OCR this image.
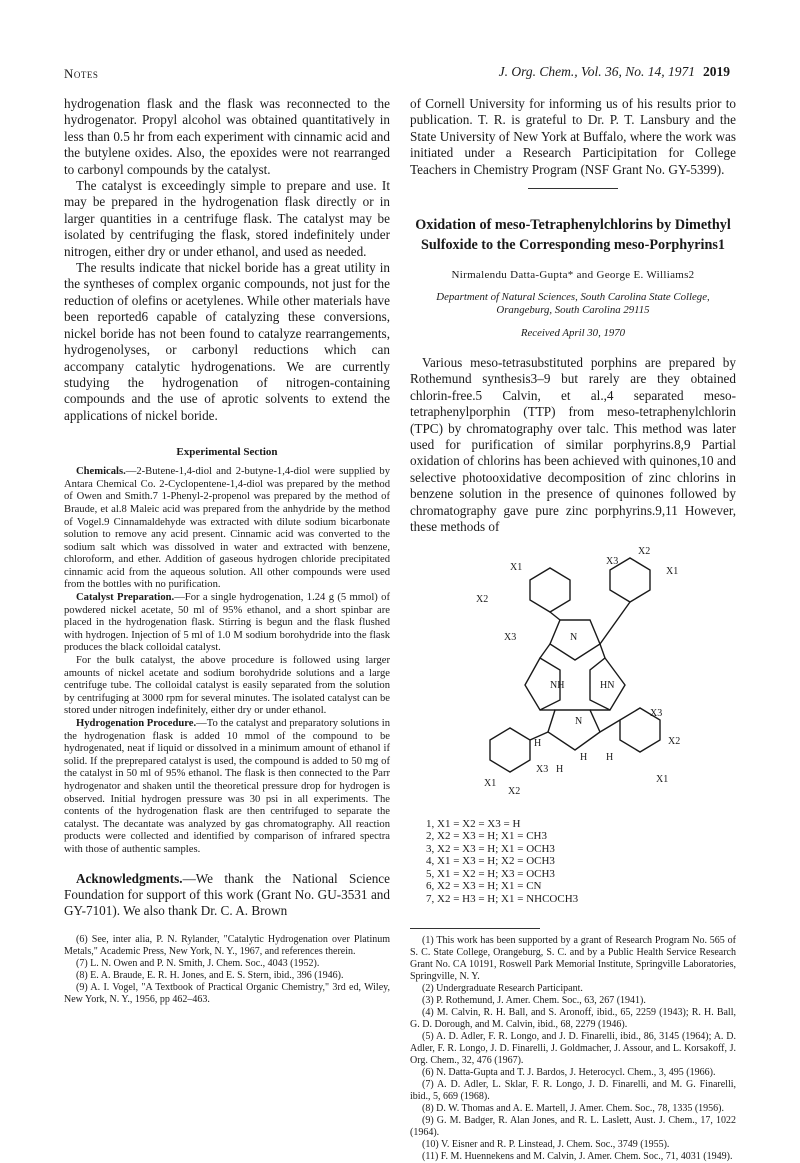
Notes	J. Org. Chem., Vol. 36, No. 14, 1971 2019

hydrogenation flask and the flask was reconnected to the hydrogenator. Propyl alcohol was obtained quantitatively in less than 0.5 hr from each experiment with cinnamic acid and the butylene oxides. Also, the epoxides were not rearranged to carbonyl compounds by the catalyst.

The catalyst is exceedingly simple to prepare and use. It may be prepared in the hydrogenation flask directly or in larger quantities in a centrifuge flask. The catalyst may be isolated by centrifuging the flask, stored indefinitely under nitrogen, either dry or under ethanol, and used as needed.

The results indicate that nickel boride has a great utility in the syntheses of complex organic compounds, not just for the reduction of olefins or acetylenes. While other materials have been reported6 capable of catalyzing these conversions, nickel boride has not been found to catalyze rearrangements, hydrogenolyses, or carbonyl reductions which can accompany catalytic hydrogenations. We are currently studying the hydrogenation of nitrogen-containing compounds and the use of aprotic solvents to extend the applications of nickel boride.

Experimental Section

Chemicals.—2-Butene-1,4-diol and 2-butyne-1,4-diol were supplied by Antara Chemical Co. 2-Cyclopentene-1,4-diol was prepared by the method of Owen and Smith.7 1-Phenyl-2-propenol was prepared by the method of Braude, et al.8 Maleic acid was prepared from the anhydride by the method of Vogel.9 Cinnamaldehyde was extracted with dilute sodium bicarbonate solution to remove any acid present. Cinnamic acid was converted to the sodium salt which was dissolved in water and extracted with benzene, chloroform, and ether. Addition of gaseous hydrogen chloride precipitated cinnamic acid from the aqueous solution. All other compounds were used from the bottles with no purification.

Catalyst Preparation.—For a single hydrogenation, 1.24 g (5 mmol) of powdered nickel acetate, 50 ml of 95% ethanol, and a short spinbar are placed in the hydrogenation flask. Stirring is begun and the flask flushed with hydrogen. Injection of 5 ml of 1.0 M sodium borohydride into the flask produces the black colloidal catalyst.

For the bulk catalyst, the above procedure is followed using larger amounts of nickel acetate and sodium borohydride solutions and a large centrifuge tube. The colloidal catalyst is easily separated from the solution by centrifuging at 3000 rpm for several minutes. The isolated catalyst can be stored under nitrogen indefinitely, either dry or under ethanol.

Hydrogenation Procedure.—To the catalyst and preparatory solutions in the hydrogenation flask is added 10 mmol of the compound to be hydrogenated, neat if liquid or dissolved in a minimum amount of ethanol if solid. If the preprepared catalyst is used, the compound is added to 50 mg of the catalyst in 50 ml of 95% ethanol. The flask is then connected to the Parr hydrogenator and shaken until the theoretical pressure drop for hydrogen is observed. Initial hydrogen pressure was 30 psi in all experiments. The contents of the hydrogenation flask are then centrifuged to separate the catalyst. The decantate was analyzed by gas chromatography. All reaction products were collected and identified by comparison of infrared spectra with those of authentic samples.

Acknowledgments.—We thank the National Science Foundation for support of this work (Grant No. GU-3531 and GY-7101). We also thank Dr. C. A. Brown

(6) See, inter alia, P. N. Rylander, "Catalytic Hydrogenation over Platinum Metals," Academic Press, New York, N. Y., 1967, and references therein.

(7) L. N. Owen and P. N. Smith, J. Chem. Soc., 4043 (1952).

(8) E. A. Braude, E. R. H. Jones, and E. S. Stern, ibid., 396 (1946).

(9) A. I. Vogel, "A Textbook of Practical Organic Chemistry," 3rd ed, Wiley, New York, N. Y., 1956, pp 462–463.

of Cornell University for informing us of his results prior to publication. T. R. is grateful to Dr. P. T. Lansbury and the State University of New York at Buffalo, where the work was initiated under a Research Participitation for College Teachers in Chemistry Program (NSF Grant No. GY-5399).

Oxidation of meso-Tetraphenylchlorins by Dimethyl Sulfoxide to the Corresponding meso-Porphyrins1
Nirmalendu Datta-Gupta* and George E. Williams2
Department of Natural Sciences, South Carolina State College,
Orangeburg, South Carolina 29115
Received April 30, 1970

Various meso-tetrasubstituted porphins are prepared by Rothemund synthesis3–9 but rarely are they obtained chlorin-free.5 Calvin, et al.,4 separated meso-tetraphenylporphin (TTP) from meso-tetraphenylchlorin (TPC) by chromatography over talc. This method was later used for purification of similar porphyrins.8,9 Partial oxidation of chlorins has been achieved with quinones,10 and selective photooxidative decomposition of zinc chlorins in benzene solution in the presence of quinones followed by chromatography gave pure zinc porphyrins.9,11 However, these methods of

X1
X2
X3
X1
X2
X3	N
NH	HN
N
X3
X2
H
X3 H
H H
X1
X2
X1
1, X1 = X2 = X3 = H
2, X2 = X3 = H; X1 = CH3
3, X2 = X3 = H; X1 = OCH3
4, X1 = X3 = H; X2 = OCH3
5, X1 = X2 = H; X3 = OCH3
6, X2 = X3 = H; X1 = CN
7, X2 = H3 = H; X1 = NHCOCH3

(1) This work has been supported by a grant of Research Program No. 565 of S. C. State College, Orangeburg, S. C. and by a Public Health Service Research Grant No. CA 10191, Roswell Park Memorial Institute, Springville Laboratories, Springville, N. Y.

(2) Undergraduate Research Participant.

(3) P. Rothemund, J. Amer. Chem. Soc., 63, 267 (1941).

(4) M. Calvin, R. H. Ball, and S. Aronoff, ibid., 65, 2259 (1943); R. H. Ball, G. D. Dorough, and M. Calvin, ibid., 68, 2279 (1946).

(5) A. D. Adler, F. R. Longo, and J. D. Finarelli, ibid., 86, 3145 (1964); A. D. Adler, F. R. Longo, J. D. Finarelli, J. Goldmacher, J. Assour, and L. Korsakoff, J. Org. Chem., 32, 476 (1967).

(6) N. Datta-Gupta and T. J. Bardos, J. Heterocycl. Chem., 3, 495 (1966).

(7) A. D. Adler, L. Sklar, F. R. Longo, J. D. Finarelli, and M. G. Finarelli, ibid., 5, 669 (1968).

(8) D. W. Thomas and A. E. Martell, J. Amer. Chem. Soc., 78, 1335 (1956).

(9) G. M. Badger, R. Alan Jones, and R. L. Laslett, Aust. J. Chem., 17, 1022 (1964).

(10) V. Eisner and R. P. Linstead, J. Chem. Soc., 3749 (1955).

(11) F. M. Huennekens and M. Calvin, J. Amer. Chem. Soc., 71, 4031 (1949).
